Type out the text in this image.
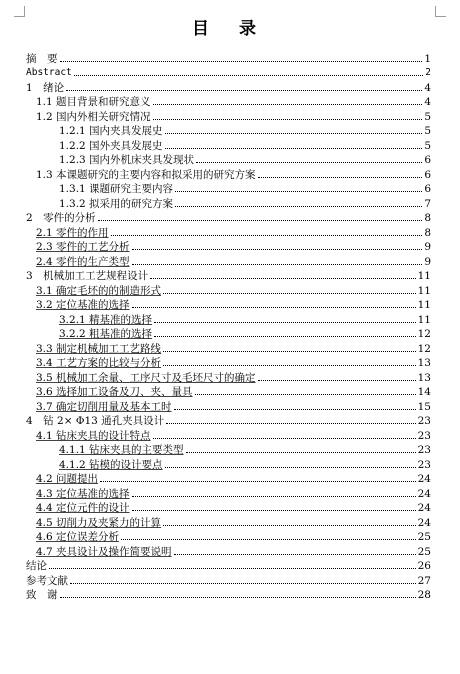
目 录
摘　要	1
Abstract	2
1　绪论	4
1.1 题目背景和研究意义	4
1.2 国内外相关研究情况	5
1.2.1 国内夹具发展史	5
1.2.2 国外夹具发展史	5
1.2.3 国内外机床夹具发现状	6
1.3 本课题研究的主要内容和拟采用的研究方案	6
1.3.1 课题研究主要内容	6
1.3.2 拟采用的研究方案	7
2　零件的分析	8
2.1 零件的作用	8
2.3 零件的工艺分析	9
2.4 零件的生产类型	9
3　机械加工工艺规程设计	11
3.1 确定毛坯的的制造形式	11
3.2 定位基准的选择	11
3.2.1 精基准的选择	11
3.2.2 粗基准的选择	12
3.3 制定机械加工工艺路线	12
3.4 工艺方案的比较与分析	13
3.5 机械加工余量、工序尺寸及毛坯尺寸的确定	13
3.6 选择加工设备及刀、夹、量具	14
3.7 确定切削用量及基本工时	15
4　钻 2× Φ13 通孔夹具设计	23
4.1 钻床夹具的设计特点	23
4.1.1 钻床夹具的主要类型	23
4.1.2 钻模的设计要点	23
4.2 问题提出	24
4.3 定位基准的选择	24
4.4 定位元件的设计	24
4.5 切削力及夹紧力的计算	24
4.6 定位误差分析	25
4.7 夹具设计及操作简要说明	25
结论	26
参考文献	27
致　谢	28
